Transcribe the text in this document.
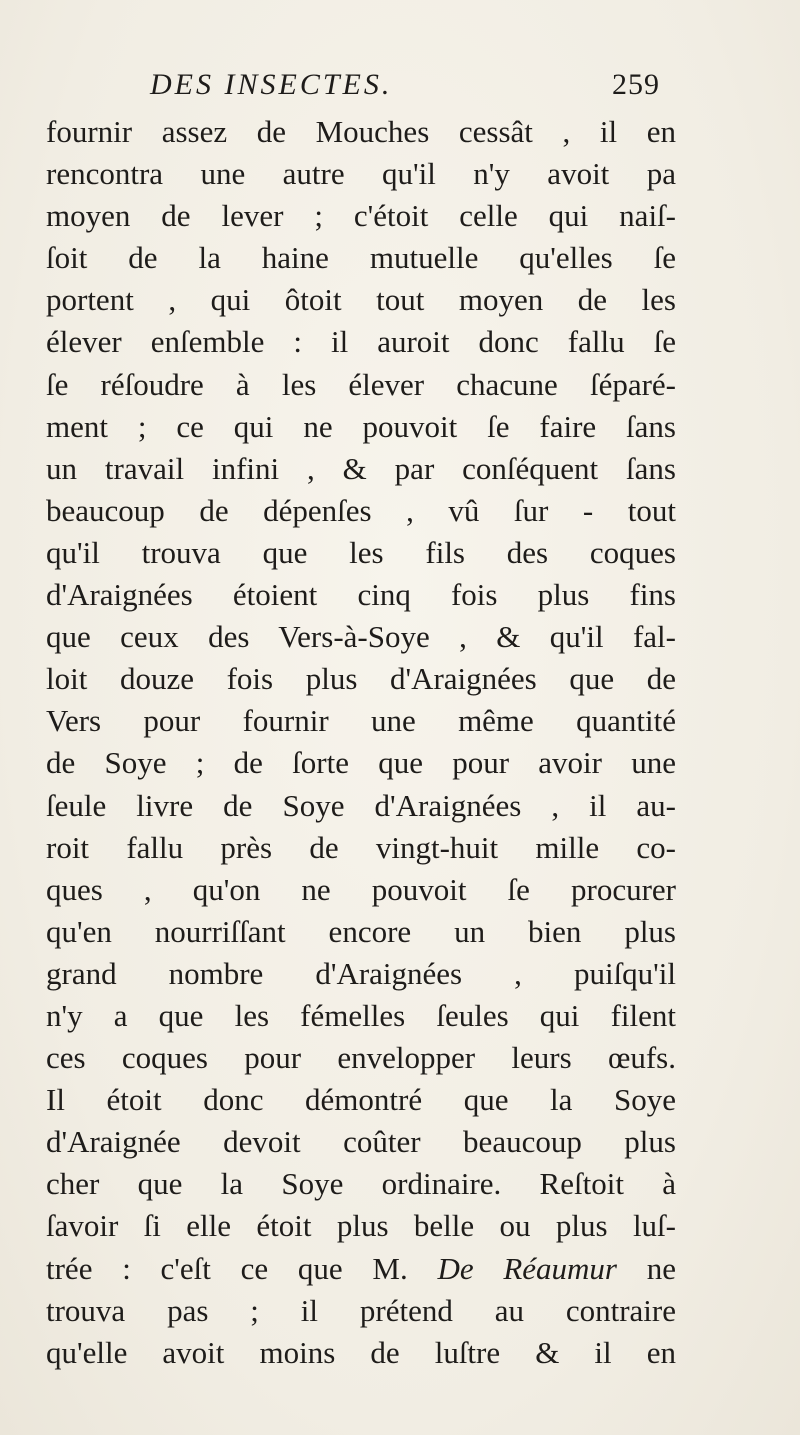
DES INSECTES.	259
fournir assez de Mouches cessât , il en
rencontra une autre qu'il n'y avoit pa
moyen de lever ; c'étoit celle qui naiſ-
ſoit de la haine mutuelle qu'elles ſe
portent , qui ôtoit tout moyen de les
élever enſemble : il auroit donc fallu ſe
ſe réſoudre à les élever chacune ſéparé-
ment ; ce qui ne pouvoit ſe faire ſans
un travail infini , & par conſéquent ſans
beaucoup de dépenſes , vû ſur - tout
qu'il trouva que les fils des coques
d'Araignées étoient cinq fois plus fins
que ceux des Vers-à-Soye , & qu'il fal-
loit douze fois plus d'Araignées que de
Vers pour fournir une même quantité
de Soye ; de ſorte que pour avoir une
ſeule livre de Soye d'Araignées , il au-
roit fallu près de vingt-huit mille co-
ques , qu'on ne pouvoit ſe procurer
qu'en nourriſſant encore un bien plus
grand nombre d'Araignées , puiſqu'il
n'y a que les fémelles ſeules qui filent
ces coques pour envelopper leurs œufs.
Il étoit donc démontré que la Soye
d'Araignée devoit coûter beaucoup plus
cher que la Soye ordinaire. Reſtoit à
ſavoir ſi elle étoit plus belle ou plus luſ-
trée : c'eſt ce que M. De Réaumur ne
trouva pas ; il prétend au contraire
qu'elle avoit moins de luſtre & il en
